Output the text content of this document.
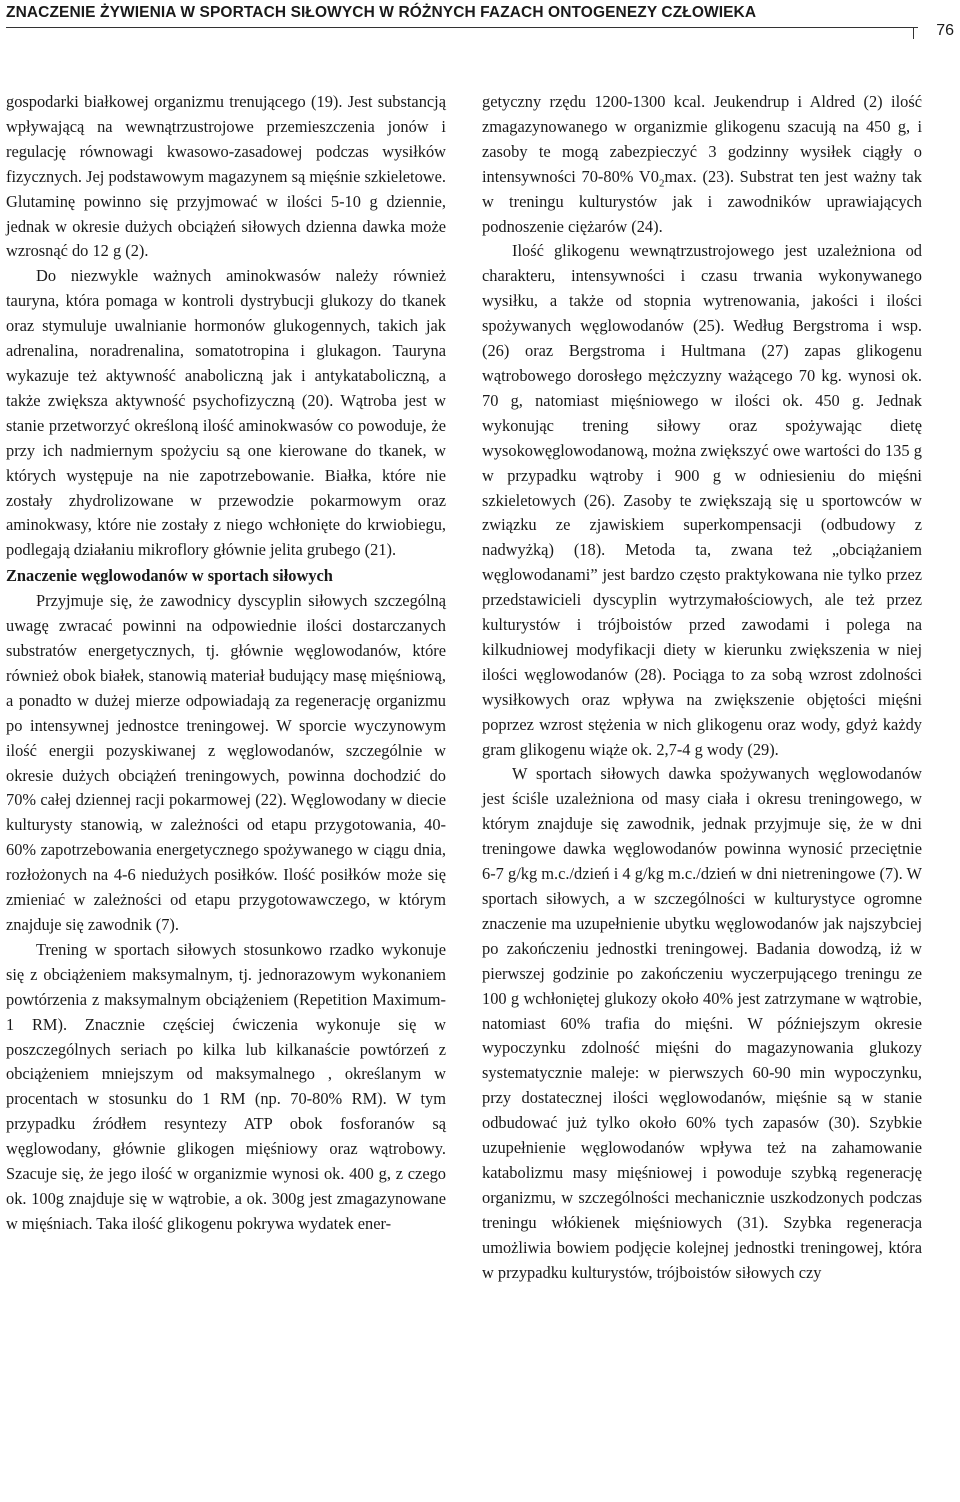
ZNACZENIE ŻYWIENIA W SPORTACH SIŁOWYCH W RÓŻNYCH FAZACH ONTOGENEZY CZŁOWIEKA
76

gospodarki białkowej organizmu trenującego (19). Jest substancją wpływającą na wewnątrzustrojowe przemieszczenia jonów i regulację równowagi kwasowo-zasadowej podczas wysiłków fizycznych. Jej podstawowym magazynem są mięśnie szkieletowe. Glutaminę powinno się przyjmować w ilości 5-10 g dziennie, jednak w okresie dużych obciążeń siłowych dzienna dawka może wzrosnąć do 12 g (2).

Do niezwykle ważnych aminokwasów należy również tauryna, która pomaga w kontroli dystrybucji glukozy do tkanek oraz stymuluje uwalnianie hormonów glukogennych, takich jak adrenalina, noradrenalina, somatotropina i glukagon. Tauryna wykazuje też aktywność anaboliczną jak i antykataboliczną, a także zwiększa aktywność psychofizyczną (20). Wątroba jest w stanie przetworzyć określoną ilość aminokwasów co powoduje, że przy ich nadmiernym spożyciu są one kierowane do tkanek, w których występuje na nie zapotrzebowanie. Białka, które nie zostały zhydrolizowane w przewodzie pokarmowym oraz aminokwasy, które nie zostały z niego wchłonięte do krwiobiegu, podlegają działaniu mikroflory głównie jelita grubego (21).

Znaczenie węglowodanów w sportach siłowych

Przyjmuje się, że zawodnicy dyscyplin siłowych szczególną uwagę zwracać powinni na odpowiednie ilości dostarczanych substratów energetycznych, tj. głównie węglowodanów, które również obok białek, stanowią materiał budujący masę mięśniową, a ponadto w dużej mierze odpowiadają za regenerację organizmu po intensywnej jednostce treningowej. W sporcie wyczynowym ilość energii pozyskiwanej z węglowodanów, szczególnie w okresie dużych obciążeń treningowych, powinna dochodzić do 70% całej dziennej racji pokarmowej (22). Węglowodany w diecie kulturysty stanowią, w zależności od etapu przygotowania, 40-60% zapotrzebowania energetycznego spożywanego w ciągu dnia, rozłożonych na 4-6 niedużych posiłków. Ilość posiłków może się zmieniać w zależności od etapu przygotowawczego, w którym znajduje się zawodnik (7).

Trening w sportach siłowych stosunkowo rzadko wykonuje się z obciążeniem maksymalnym, tj. jednorazowym wykonaniem powtórzenia z maksymalnym obciążeniem (Repetition Maximum-1 RM). Znacznie częściej ćwiczenia wykonuje się w poszczególnych seriach po kilka lub kilkanaście powtórzeń z obciążeniem mniejszym od maksymalnego , określanym w procentach w stosunku do 1 RM (np. 70-80% RM). W tym przypadku źródłem resyntezy ATP obok fosforanów są węglowodany, głównie glikogen mięśniowy oraz wątrobowy. Szacuje się, że jego ilość w organizmie wynosi ok. 400 g, z czego ok. 100g znajduje się w wątrobie, a ok. 300g jest zmagazynowane w mięśniach. Taka ilość glikogenu pokrywa wydatek ener-

getyczny rzędu 1200-1300 kcal. Jeukendrup i Aldred (2) ilość zmagazynowanego w organizmie glikogenu szacują na 450 g, i zasoby te mogą zabezpieczyć 3 godzinny wysiłek ciągły o intensywności 70-80% $V0_2\max$. (23). Substrat ten jest ważny tak w treningu kulturystów jak i zawodników uprawiających podnoszenie ciężarów (24).

Ilość glikogenu wewnątrzustrojowego jest uzależniona od charakteru, intensywności i czasu trwania wykonywanego wysiłku, a także od stopnia wytrenowania, jakości i ilości spożywanych węglowodanów (25). Według Bergstroma i wsp. (26) oraz Bergstroma i Hultmana (27) zapas glikogenu wątrobowego dorosłego mężczyzny ważącego 70 kg. wynosi ok. 70 g, natomiast mięśniowego w ilości ok. 450 g. Jednak wykonując trening siłowy oraz spożywając dietę wysokowęglowodanową, można zwiększyć owe wartości do 135 g w przypadku wątroby i 900 g w odniesieniu do mięśni szkieletowych (26). Zasoby te zwiększają się u sportowców w związku ze zjawiskiem superkompensacji (odbudowy z nadwyżką) (18). Metoda ta, zwana też „obciążaniem węglowodanami” jest bardzo często praktykowana nie tylko przez przedstawicieli dyscyplin wytrzymałościowych, ale też przez kulturystów i trójboistów przed zawodami i polega na kilkudniowej modyfikacji diety w kierunku zwiększenia w niej ilości węglowodanów (28). Pociąga to za sobą wzrost zdolności wysiłkowych oraz wpływa na zwiększenie objętości mięśni poprzez wzrost stężenia w nich glikogenu oraz wody, gdyż każdy gram glikogenu wiąże ok. 2,7-4 g wody (29).

W sportach siłowych dawka spożywanych węglowodanów jest ściśle uzależniona od masy ciała i okresu treningowego, w którym znajduje się zawodnik, jednak przyjmuje się, że w dni treningowe dawka węglowodanów powinna wynosić przeciętnie 6-7 g/kg m.c./dzień i 4 g/kg m.c./dzień w dni nietreningowe (7). W sportach siłowych, a w szczególności w kulturystyce ogromne znaczenie ma uzupełnienie ubytku węglowodanów jak najszybciej po zakończeniu jednostki treningowej. Badania dowodzą, iż w pierwszej godzinie po zakończeniu wyczerpującego treningu ze 100 g wchłoniętej glukozy około 40% jest zatrzymane w wątrobie, natomiast 60% trafia do mięśni. W późniejszym okresie wypoczynku zdolność mięśni do magazynowania glukozy systematycznie maleje: w pierwszych 60-90 min wypoczynku, przy dostatecznej ilości węglowodanów, mięśnie są w stanie odbudować już tylko około 60% tych zapasów (30). Szybkie uzupełnienie węglowodanów wpływa też na zahamowanie katabolizmu masy mięśniowej i powoduje szybką regenerację organizmu, w szczególności mechanicznie uszkodzonych podczas treningu włókienek mięśniowych (31). Szybka regeneracja umożliwia bowiem podjęcie kolejnej jednostki treningowej, która w przypadku kulturystów, trójboistów siłowych czy
